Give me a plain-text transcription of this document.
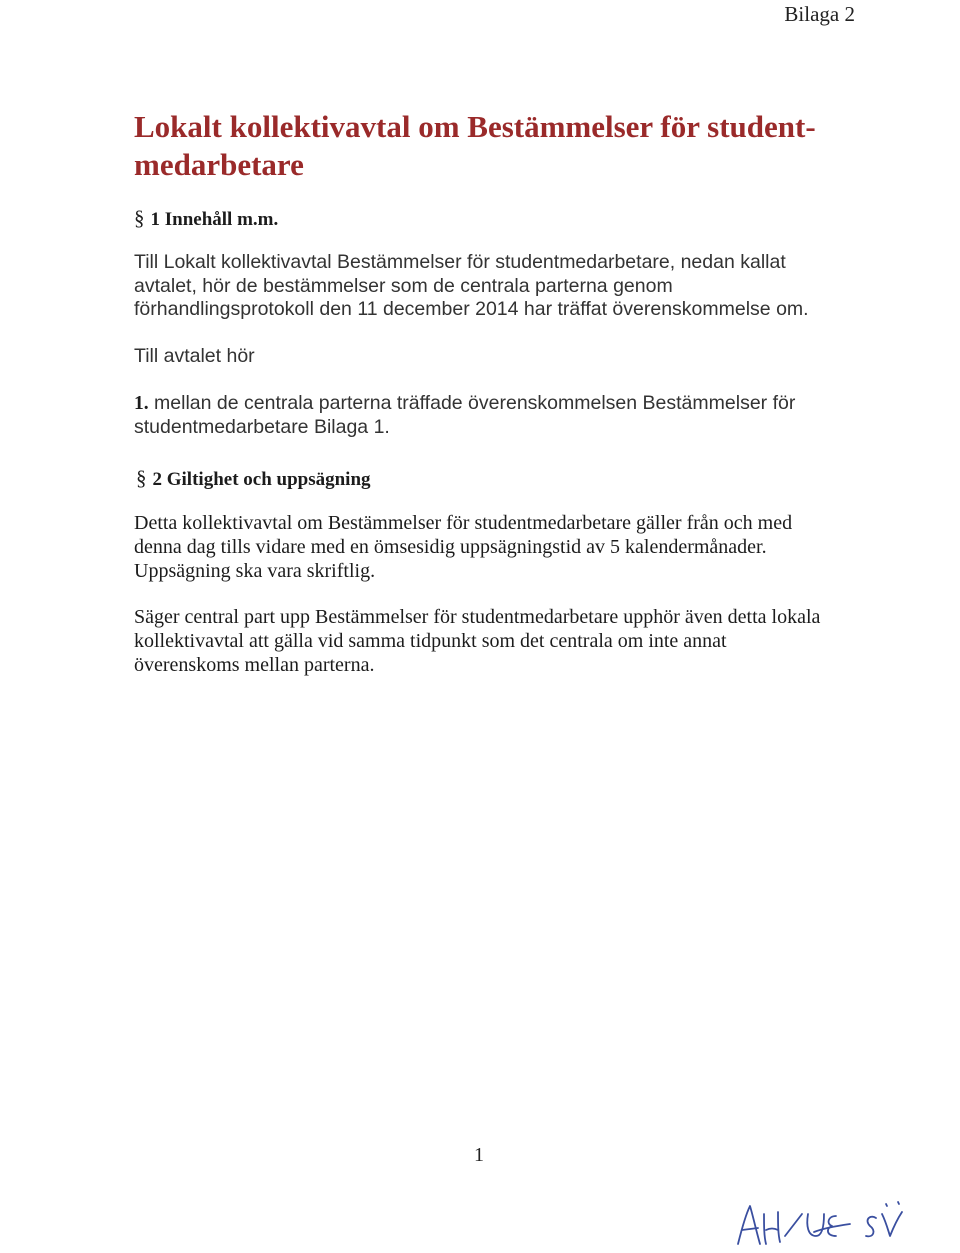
Bilaga 2
Lokalt kollektivavtal om Bestämmelser för student-medarbetare
§ 1 Innehåll m.m.

Till Lokalt kollektivavtal Bestämmelser för studentmedarbetare, nedan kallat avtalet, hör de bestämmelser som de centrala parterna genom förhandlingsprotokoll den 11 december 2014 har träffat överenskommelse om.

Till avtalet hör

1. mellan de centrala parterna träffade överenskommelsen Bestämmelser för studentmedarbetare Bilaga 1.

§ 2 Giltighet och uppsägning

Detta kollektivavtal om Bestämmelser för studentmedarbetare gäller från och med denna dag tills vidare med en ömsesidig uppsägningstid av 5 kalendermånader. Uppsägning ska vara skriftlig.

Säger central part upp Bestämmelser för studentmedarbetare upphör även detta lokala kollektivavtal att gälla vid samma tidpunkt som det centrala om inte annat överenskoms mellan parterna.

1
